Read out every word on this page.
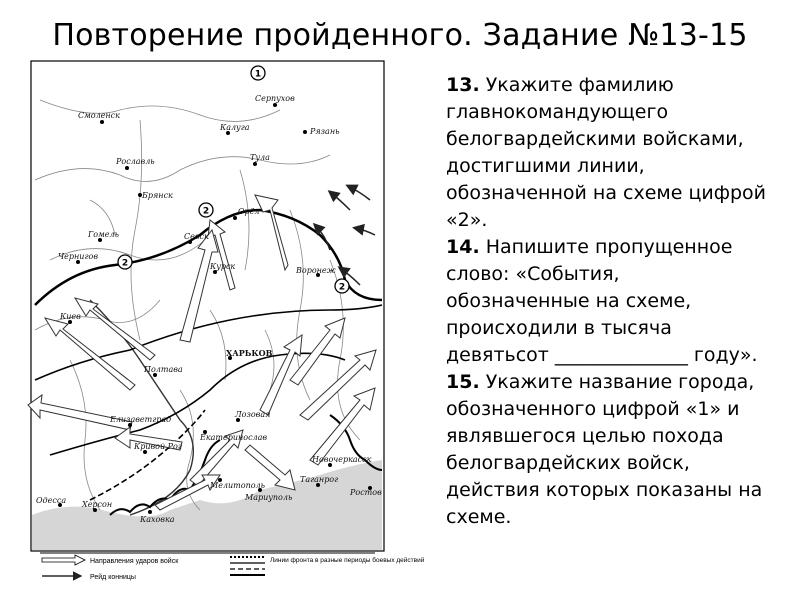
Повторение пройденного. Задание №13-15
Смоленск
Калуга
Серпухов
Рязань
Рославль	Тула
Брянск
Гомель
Орёл
Севск
Чернигов
Курск	Воронеж
Киев
ХАРЬКОВ
Полтава
Елизаветград
Лозовая
Екатеринослав
Кривой Рог
Новочеркасск
Таганрог
Ростов
Мариуполь
Мелитополь
Одесса Херсон
Каховка
1
2
2
2
Направления ударов войск
Рейд конницы
Линии фронта в разные периоды боевых действий

13. Укажите фамилию главнокомандующего белогвардейскими войсками, достигшими линии, обозначенной на схеме цифрой «2».

14. Напишите пропущенное слово: «События, обозначенные на схеме, происходили в тысяча девятьсот ______________ году».

15. Укажите название города, обозначенного цифрой «1» и являвшегося целью похода белогвардейских войск, действия которых показаны на схеме.
